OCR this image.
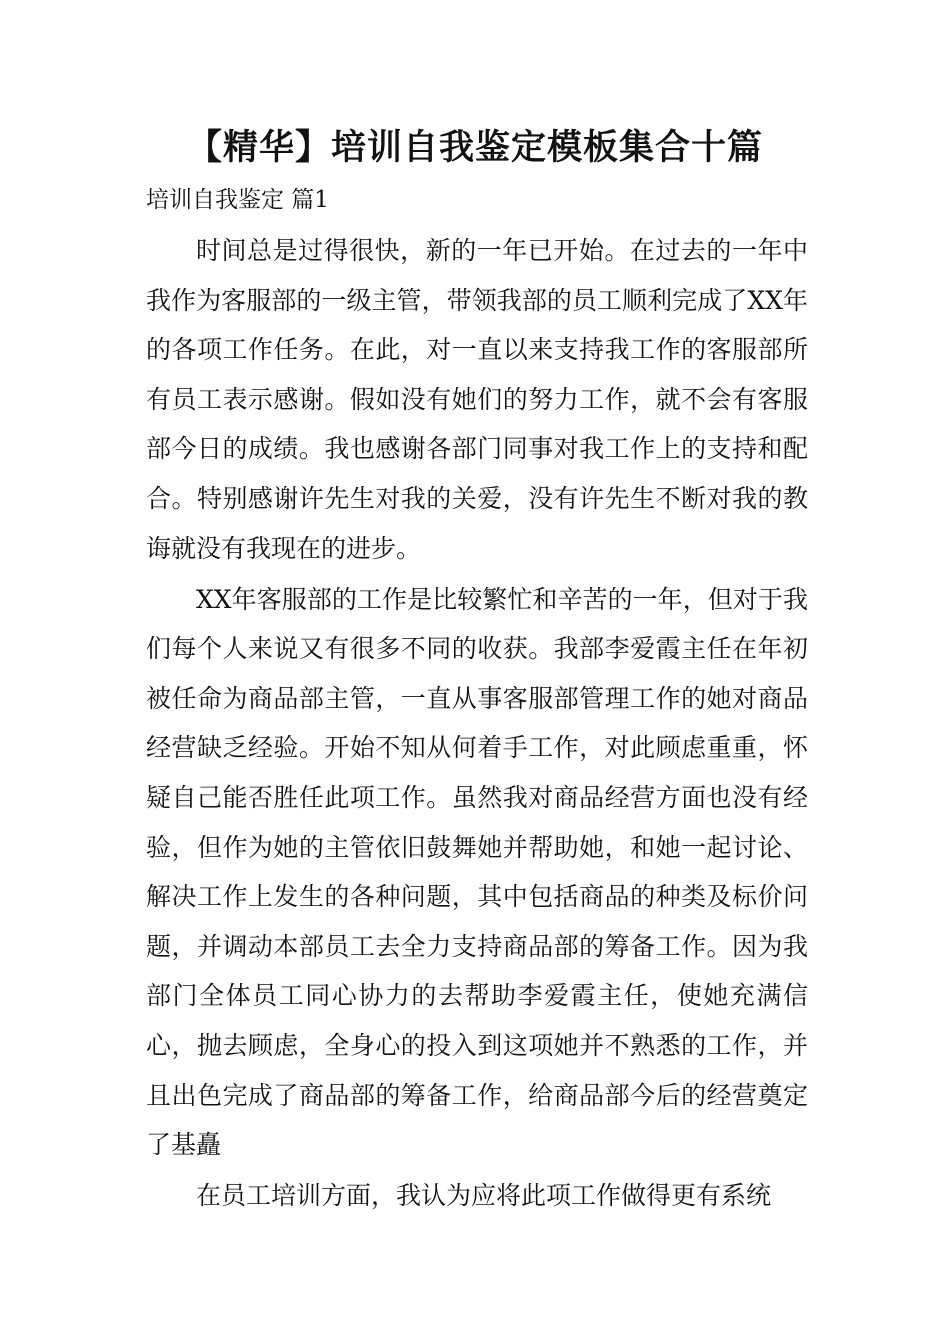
【精华】培训自我鉴定模板集合十篇
培训自我鉴定 篇1

时间总是过得很快，新的一年已开始。在过去的一年中我作为客服部的一级主管，带领我部的员工顺利完成了XX年的各项工作任务。在此，对一直以来支持我工作的客服部所有员工表示感谢。假如没有她们的努力工作，就不会有客服部今日的成绩。我也感谢各部门同事对我工作上的支持和配合。特别感谢许先生对我的关爱，没有许先生不断对我的教诲就没有我现在的进步。

XX年客服部的工作是比较繁忙和辛苦的一年，但对于我们每个人来说又有很多不同的收获。我部李爱霞主任在年初被任命为商品部主管，一直从事客服部管理工作的她对商品经营缺乏经验。开始不知从何着手工作，对此顾虑重重，怀疑自己能否胜任此项工作。虽然我对商品经营方面也没有经验，但作为她的主管依旧鼓舞她并帮助她，和她一起讨论、解决工作上发生的各种问题，其中包括商品的种类及标价问题，并调动本部员工去全力支持商品部的筹备工作。因为我部门全体员工同心协力的去帮助李爱霞主任，使她充满信心，抛去顾虑，全身心的投入到这项她并不熟悉的工作，并且出色完成了商品部的筹备工作，给商品部今后的经营奠定了基矗

在员工培训方面，我认为应将此项工作做得更有系统
